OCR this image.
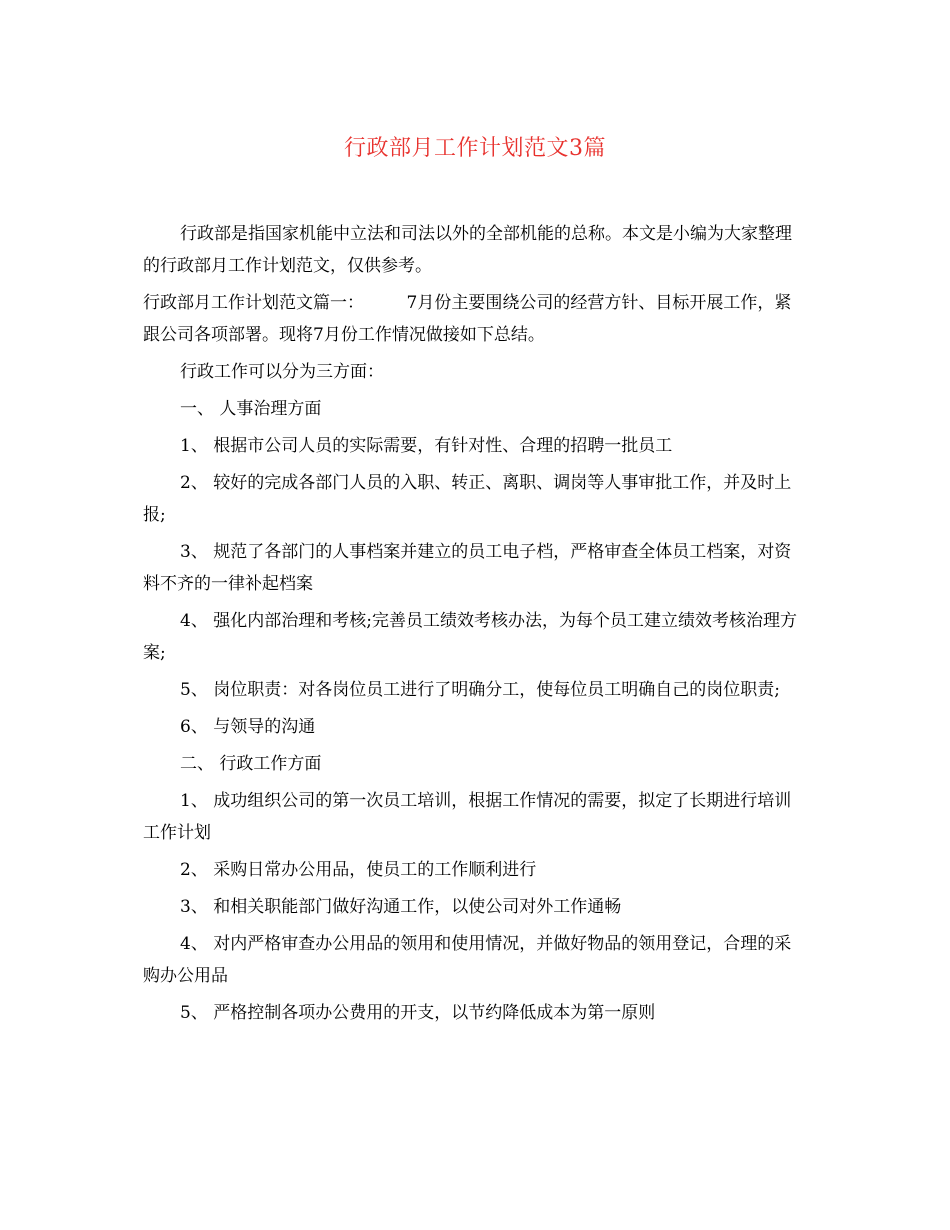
行政部月工作计划范文3篇

行政部是指国家机能中立法和司法以外的全部机能的总称。本文是小编为大家整理的行政部月工作计划范文，仅供参考。

行政部月工作计划范文篇一：　　　7月份主要围绕公司的经营方针、目标开展工作，紧跟公司各项部署。现将7月份工作情况做接如下总结。

行政工作可以分为三方面：

一、 人事治理方面

1、 根据市公司人员的实际需要，有针对性、合理的招聘一批员工

2、 较好的完成各部门人员的入职、转正、离职、调岗等人事审批工作，并及时上报;

3、 规范了各部门的人事档案并建立的员工电子档，严格审查全体员工档案，对资料不齐的一律补起档案

4、 强化内部治理和考核;完善员工绩效考核办法，为每个员工建立绩效考核治理方案;

5、 岗位职责：对各岗位员工进行了明确分工，使每位员工明确自己的岗位职责;

6、 与领导的沟通

二、 行政工作方面

1、 成功组织公司的第一次员工培训，根据工作情况的需要，拟定了长期进行培训工作计划

2、 采购日常办公用品，使员工的工作顺利进行

3、 和相关职能部门做好沟通工作，以使公司对外工作通畅

4、 对内严格审查办公用品的领用和使用情况，并做好物品的领用登记，合理的采购办公用品

5、 严格控制各项办公费用的开支，以节约降低成本为第一原则
